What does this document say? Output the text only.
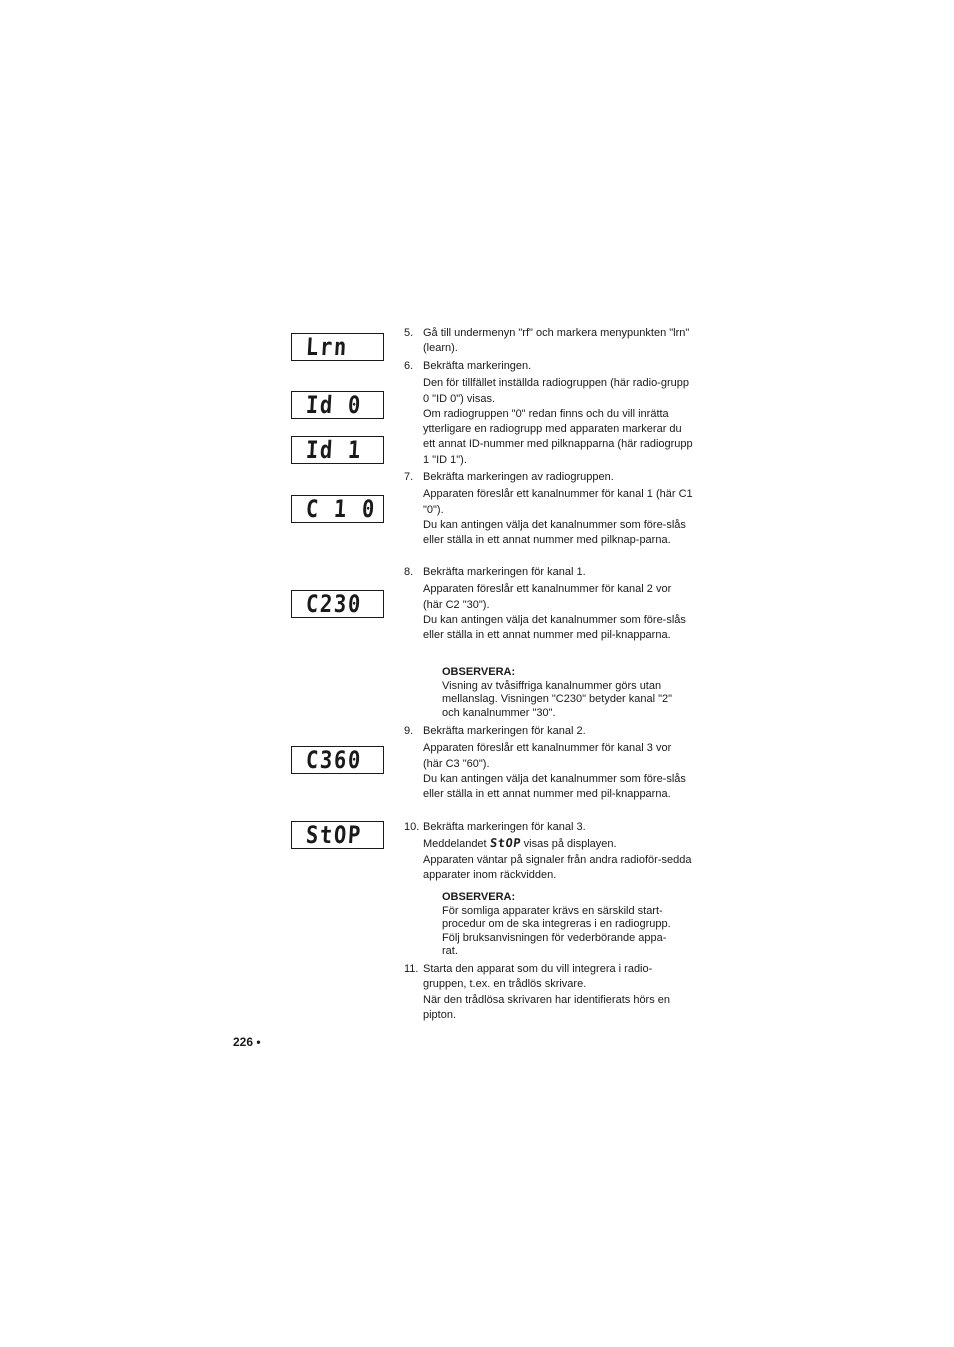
Lrn
Id 0
Id 1
C 1 0
C230
C360
StOP
5. Gå till undermenyn "rf" och markera menypunkten "lrn" (learn).

6. Bekräfta markeringen.

Den för tillfället inställda radiogruppen (här radio-grupp 0 "ID 0") visas.

Om radiogruppen "0" redan finns och du vill inrätta ytterligare en radiogrupp med apparaten markerar du ett annat ID-nummer med pilknapparna (här radiogrupp 1 "ID 1").

7. Bekräfta markeringen av radiogruppen.

Apparaten föreslår ett kanalnummer för kanal 1 (här C1 "0").

Du kan antingen välja det kanalnummer som före-slås eller ställa in ett annat nummer med pilknap-parna.

8. Bekräfta markeringen för kanal 1.

Apparaten föreslår ett kanalnummer för kanal 2 vor (här C2 "30").

Du kan antingen välja det kanalnummer som före-slås eller ställa in ett annat nummer med pil-knapparna.

OBSERVERA:
Visning av tvåsiffriga kanalnummer görs utan
mellanslag. Visningen "C230" betyder kanal "2"
och kanalnummer "30".
9. Bekräfta markeringen för kanal 2.

Apparaten föreslår ett kanalnummer för kanal 3 vor (här C3 "60").

Du kan antingen välja det kanalnummer som före-slås eller ställa in ett annat nummer med pil-knapparna.

10. Bekräfta markeringen för kanal 3.

Meddelandet StOP visas på displayen.

Apparaten väntar på signaler från andra radioför-sedda apparater inom räckvidden.

OBSERVERA:
För somliga apparater krävs en särskild start-
procedur om de ska integreras i en radiogrupp.
Följ bruksanvisningen för vederbörande appa-
rat.
11. Starta den apparat som du vill integrera i radio-gruppen, t.ex. en trådlös skrivare.

När den trådlösa skrivaren har identifierats hörs en pipton.

226 •
